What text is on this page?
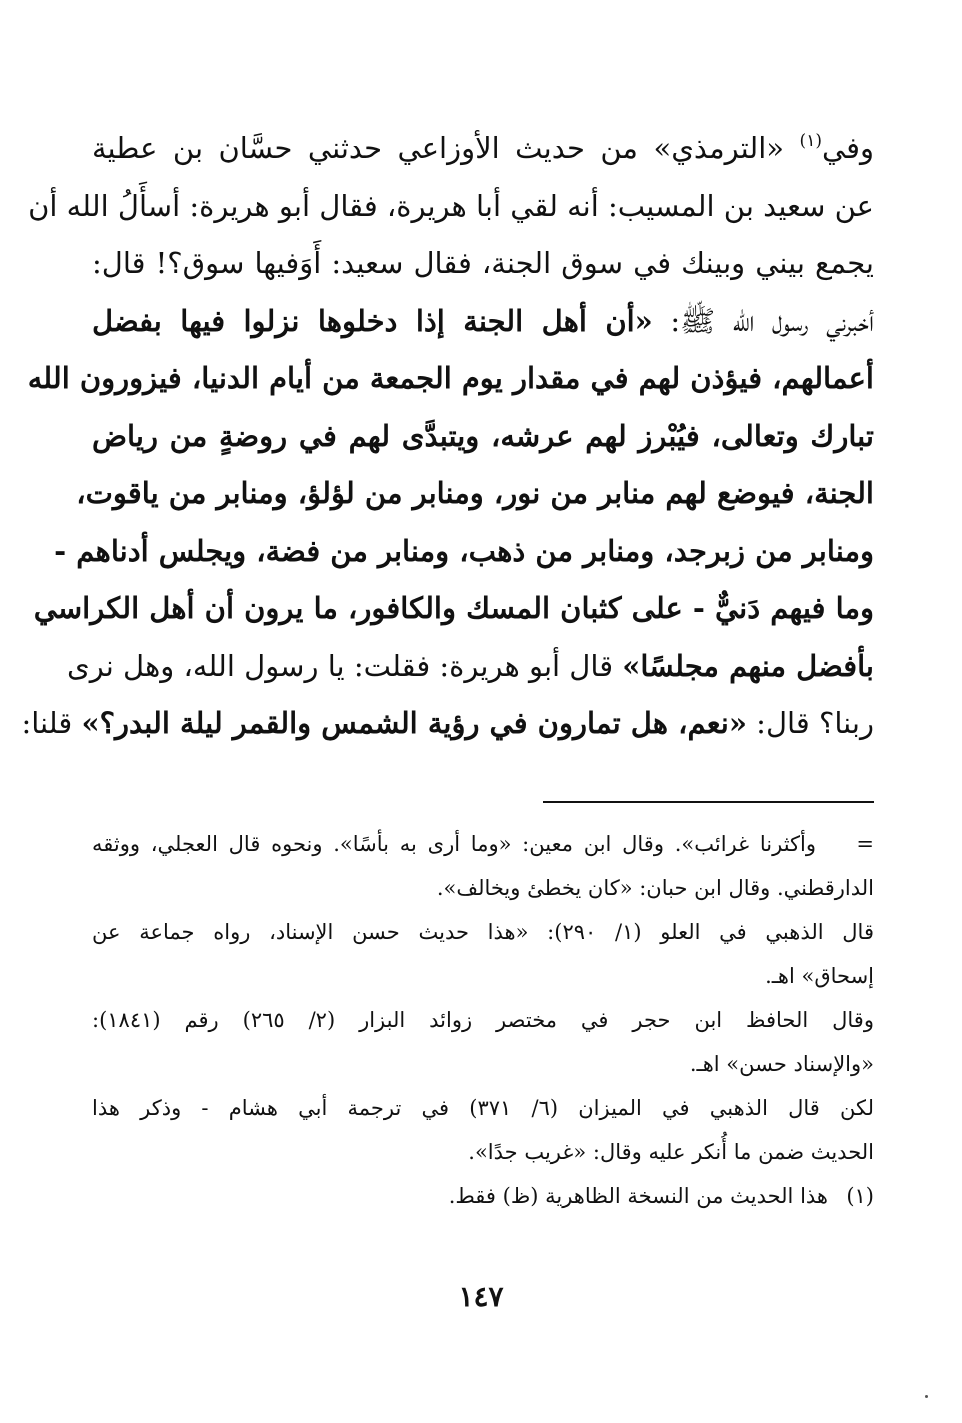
وفي$^{(١)}$ «الترمذي» من حديث الأوزاعي حدثني حسَّان بن عطية
عن سعيد بن المسيب: أنه لقي أبا هريرة، فقال أبو هريرة: أسأَلُ الله أن
يجمع بيني وبينك في سوق الجنة، فقال سعيد: أَوَفيها سوق؟! قال:
أخبرني رسول الله ﷺ: «أن أهل الجنة إذا دخلوها نزلوا فيها بفضل
أعمالهم، فيؤذن لهم في مقدار يوم الجمعة من أيام الدنيا، فيزورون الله
تبارك وتعالى، فيُبْرز لهم عرشه، ويتبدَّى لهم في روضةٍ من رياض
الجنة، فيوضع لهم منابر من نور، ومنابر من لؤلؤ، ومنابر من ياقوت،
ومنابر من زبرجد، ومنابر من ذهب، ومنابر من فضة، ويجلس أدناهم -
وما فيهم دَنيٌّ - على كثبان المسك والكافور، ما يرون أن أهل الكراسي
بأفضل منهم مجلسًا» قال أبو هريرة: فقلت: يا رسول الله، وهل نرى
ربنا؟ قال: «نعم، هل تمارون في رؤية الشمس والقمر ليلة البدر؟» قلنا:
=وأكثرنا غرائب». وقال ابن معين: «وما أرى به بأسًا». ونحوه قال العجلي، ووثقه
الدارقطني. وقال ابن حبان: «كان يخطئ ويخالف».
قال الذهبي في العلو (١/ ٢٩٠): «هذا حديث حسن الإسناد، رواه جماعة عن
إسحاق» اهـ.
وقال الحافظ ابن حجر في مختصر زوائد البزار (٢/ ٢٦٥) رقم (١٨٤١):
«والإسناد حسن» اهـ.
لكن قال الذهبي في الميزان (٦/ ٣٧١) في ترجمة أبي هشام - وذكر هذا
الحديث ضمن ما أُنكر عليه وقال: «غريب جدًا».
(١)هذا الحديث من النسخة الظاهرية (ظ) فقط.
١٤٧
